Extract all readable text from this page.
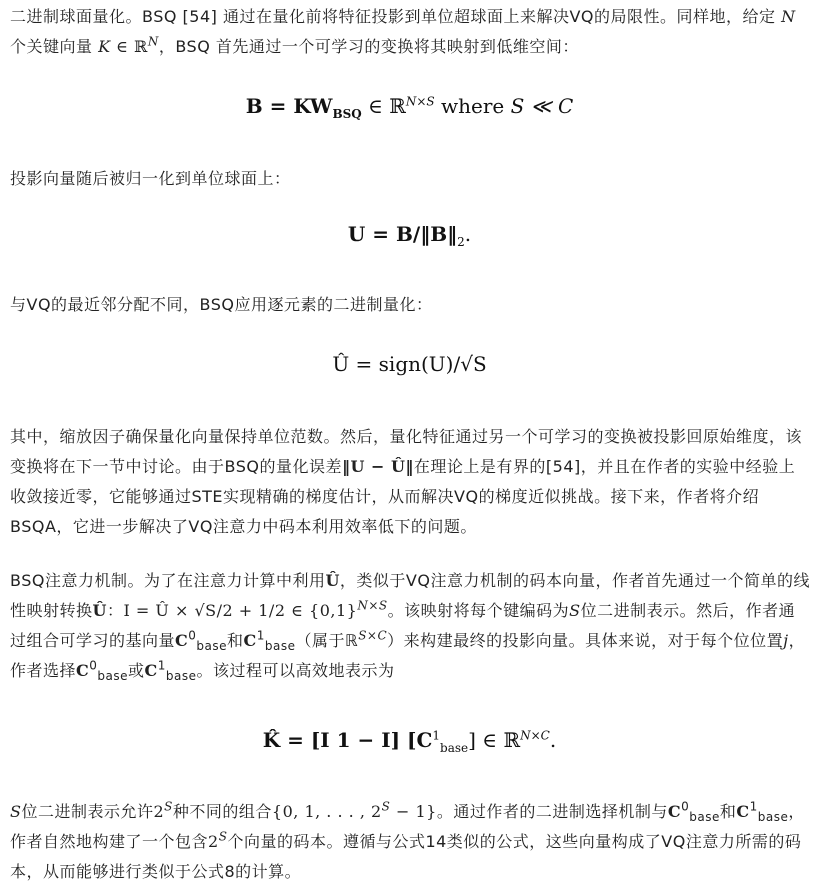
二进制球面量化。BSQ [54] 通过在量化前将特征投影到单位超球面上来解决VQ的局限性。同样地，给定 N 个关键向量 K ∈ ℝ$^N$，BSQ 首先通过一个可学习的变换将其映射到低维空间：

$B = KW_{BSQ}$ ∈ ℝ$^{N\times S}$ where S ≪ C

投影向量随后被归一化到单位球面上：

$U = B/‖B‖_2$.

与VQ的最近邻分配不同，BSQ应用逐元素的二进制量化：

Û = sign(U)/√S

其中，缩放因子确保量化向量保持单位范数。然后，量化特征通过另一个可学习的变换被投影回原始维度，该变换将在下一节中讨论。由于BSQ的量化误差‖U − Û‖在理论上是有界的[54]，并且在作者的实验中经验上收敛接近零，它能够通过STE实现精确的梯度估计，从而解决VQ的梯度近似挑战。接下来，作者将介绍BSQA，它进一步解决了VQ注意力中码本利用效率低下的问题。

BSQ注意力机制。为了在注意力计算中利用Û，类似于VQ注意力机制的码本向量，作者首先通过一个简单的线性映射转换Û：I = Û × √S/2 + 1/2 ∈ $\{0,1\}^{N\times S}$。该映射将每个键编码为S位二进制表示。然后，作者通过组合可学习的基向量$C^0_{base}$和$C^1_{base}$（属于ℝ$^{S\times C}$）来构建最终的投影向量。具体来说，对于每个位位置j，作者选择$C^0_{base}$或$C^1_{base}$。该过程可以高效地表示为

K̂ = [I 1 − I] $[C^1_{base}]$ ∈ ℝ$^{N\times C}$.

S位二进制表示允许$2^S$种不同的组合{0, 1, . . . , $2^S - 1$}。通过作者的二进制选择机制与$C^0_{base}$和$C^1_{base}$，作者自然地构建了一个包含$2^S$个向量的码本。遵循与公式14类似的公式，这些向量构成了VQ注意力所需的码本，从而能够进行类似于公式8的计算。
